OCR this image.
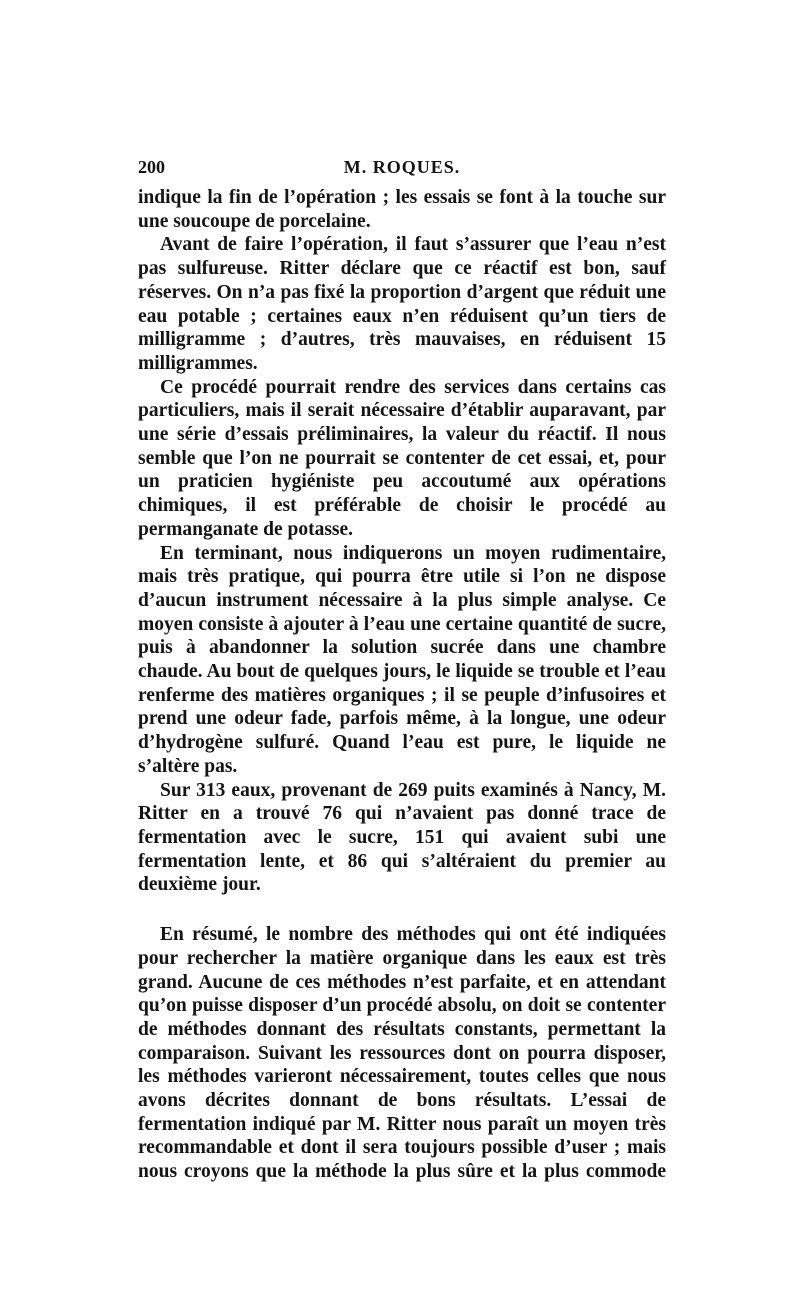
200	M. ROQUES.

indique la fin de l’opération ; les essais se font à la touche sur une soucoupe de porcelaine.

Avant de faire l’opération, il faut s’assurer que l’eau n’est pas sulfureuse. Ritter déclare que ce réactif est bon, sauf réserves. On n’a pas fixé la proportion d’argent que réduit une eau potable ; certaines eaux n’en réduisent qu’un tiers de milligramme ; d’autres, très mauvaises, en réduisent 15 milligrammes.

Ce procédé pourrait rendre des services dans certains cas particuliers, mais il serait nécessaire d’établir auparavant, par une série d’essais préliminaires, la valeur du réactif. Il nous semble que l’on ne pourrait se contenter de cet essai, et, pour un praticien hygiéniste peu accoutumé aux opérations chimiques, il est préférable de choisir le procédé au permanganate de potasse.

En terminant, nous indiquerons un moyen rudimentaire, mais très pratique, qui pourra être utile si l’on ne dispose d’aucun instrument nécessaire à la plus simple analyse. Ce moyen consiste à ajouter à l’eau une certaine quantité de sucre, puis à abandonner la solution sucrée dans une chambre chaude. Au bout de quelques jours, le liquide se trouble et l’eau renferme des matières organiques ; il se peuple d’infusoires et prend une odeur fade, parfois même, à la longue, une odeur d’hydrogène sulfuré. Quand l’eau est pure, le liquide ne s’altère pas.

Sur 313 eaux, provenant de 269 puits examinés à Nancy, M. Ritter en a trouvé 76 qui n’avaient pas donné trace de fermentation avec le sucre, 151 qui avaient subi une fermentation lente, et 86 qui s’altéraient du premier au deuxième jour.

En résumé, le nombre des méthodes qui ont été indiquées pour rechercher la matière organique dans les eaux est très grand. Aucune de ces méthodes n’est parfaite, et en attendant qu’on puisse disposer d’un procédé absolu, on doit se contenter de méthodes donnant des résultats constants, permettant la comparaison. Suivant les ressources dont on pourra disposer, les méthodes varieront nécessairement, toutes celles que nous avons décrites donnant de bons résultats. L’essai de fermentation indiqué par M. Ritter nous paraît un moyen très recommandable et dont il sera toujours possible d’user ; mais nous croyons que la méthode la plus sûre et la plus commode
